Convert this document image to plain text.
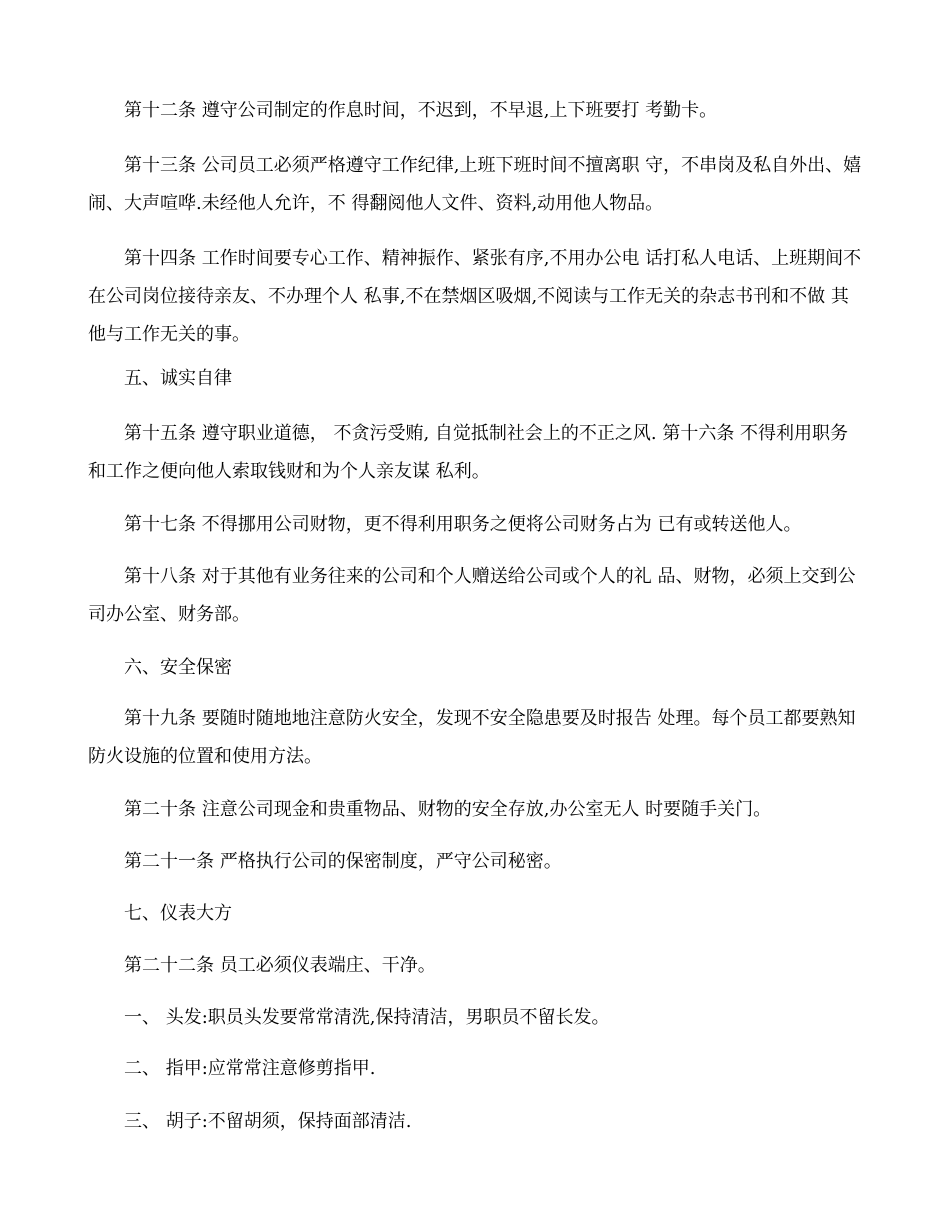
第十二条 遵守公司制定的作息时间，不迟到，不早退,上下班要打 考勤卡。

第十三条 公司员工必须严格遵守工作纪律,上班下班时间不擅离职 守，不串岗及私自外出、嬉闹、大声喧哗.未经他人允许，不 得翻阅他人文件、资料,动用他人物品。

第十四条 工作时间要专心工作、精神振作、紧张有序,不用办公电 话打私人电话、上班期间不在公司岗位接待亲友、不办理个人 私事,不在禁烟区吸烟,不阅读与工作无关的杂志书刊和不做 其他与工作无关的事。

五、诚实自律

第十五条 遵守职业道德， 不贪污受贿, 自觉抵制社会上的不正之风. 第十六条 不得利用职务和工作之便向他人索取钱财和为个人亲友谋 私利。

第十七条 不得挪用公司财物，更不得利用职务之便将公司财务占为 已有或转送他人。

第十八条 对于其他有业务往来的公司和个人赠送给公司或个人的礼 品、财物，必须上交到公司办公室、财务部。

六、安全保密

第十九条 要随时随地地注意防火安全，发现不安全隐患要及时报告 处理。每个员工都要熟知防火设施的位置和使用方法。

第二十条 注意公司现金和贵重物品、财物的安全存放,办公室无人 时要随手关门。

第二十一条 严格执行公司的保密制度，严守公司秘密。

七、仪表大方

第二十二条 员工必须仪表端庄、干净。

一、 头发:职员头发要常常清洗,保持清洁，男职员不留长发。

二、 指甲:应常常注意修剪指甲.

三、 胡子:不留胡须，保持面部清洁.
